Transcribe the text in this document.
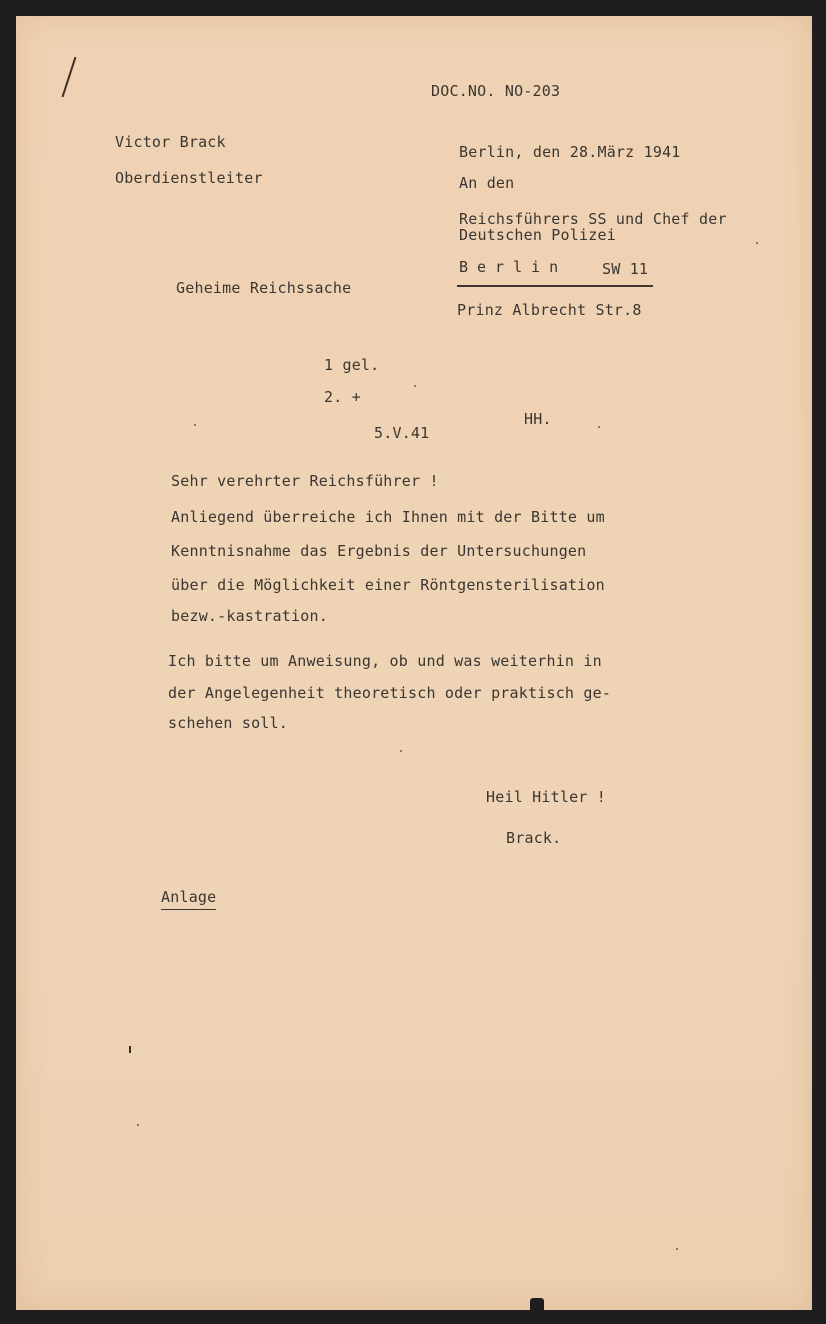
DOC.NO. NO-203
Victor Brack
Oberdienstleiter
Berlin, den 28.März 1941
An den
Reichsführers SS und Chef der
Deutschen Polizei
Berlin SW 11
Prinz Albrecht Str.8
Geheime Reichssache
1 gel.
2. +
5.V.41
HH.
Sehr verehrter Reichsführer !
Anliegend überreiche ich Ihnen mit der Bitte um
Kenntnisnahme das Ergebnis der Untersuchungen
über die Möglichkeit einer Röntgensterilisation
bezw.-kastration.
Ich bitte um Anweisung, ob und was weiterhin in
der Angelegenheit theoretisch oder praktisch ge-
schehen soll.
Heil Hitler !
Brack.
Anlage
